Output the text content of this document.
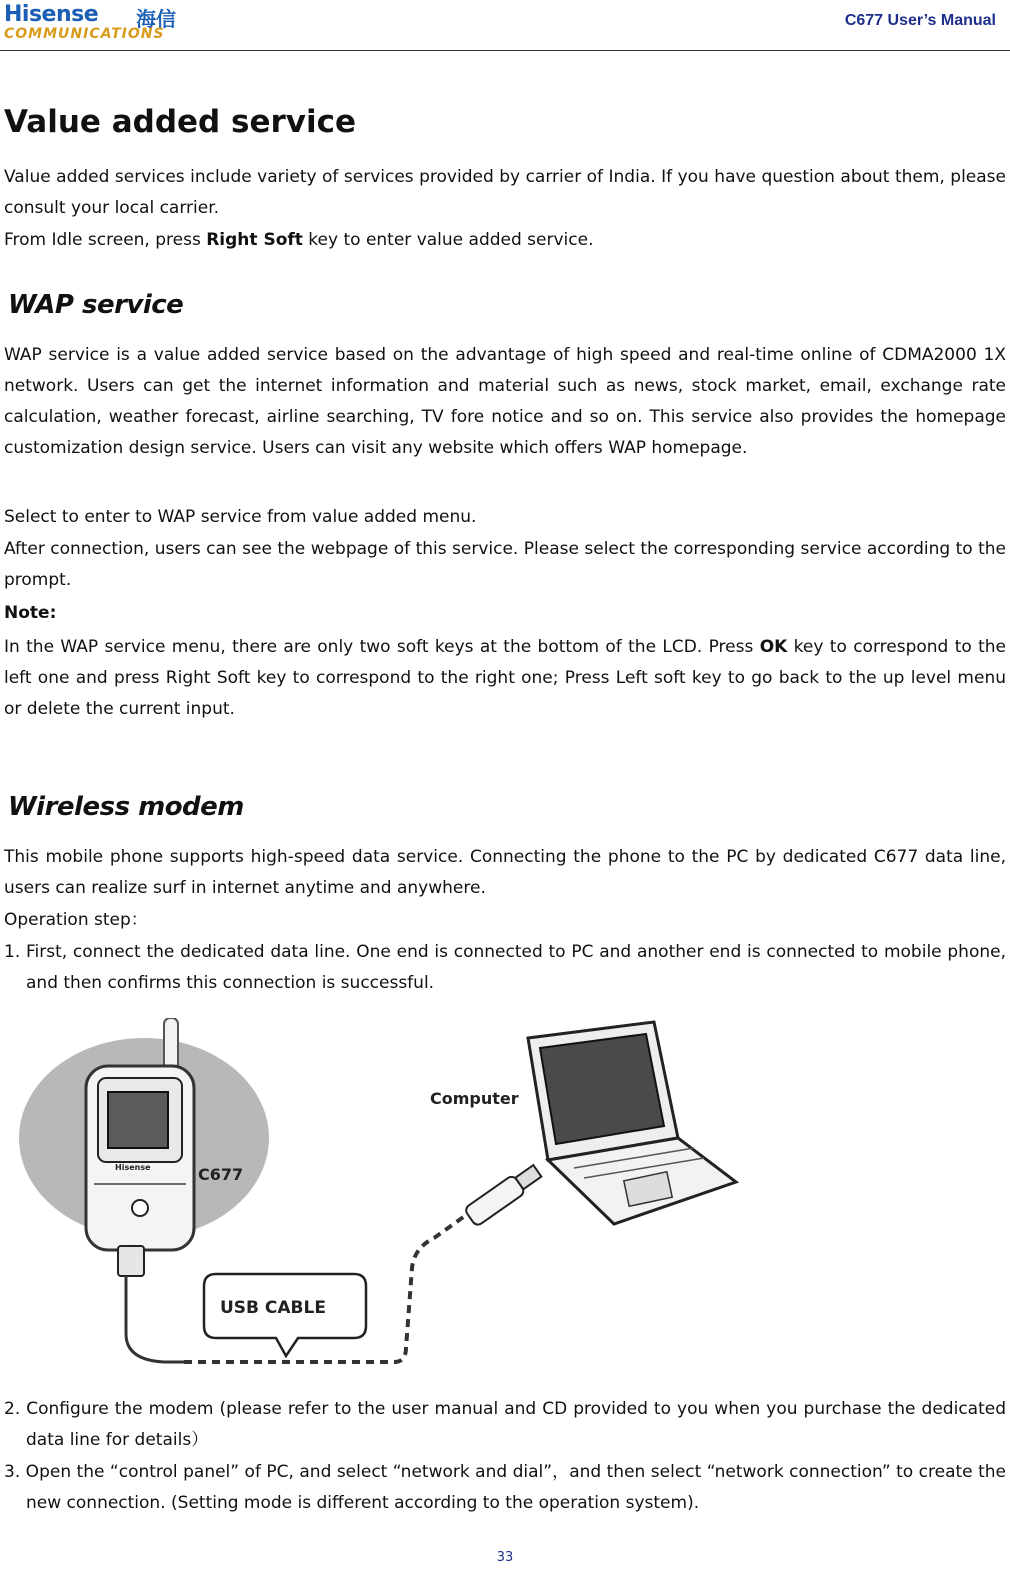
Hisense 海信
COMMUNICATIONS
C677 User’s Manual
Value added service

Value added services include variety of services provided by carrier of India. If you have question about them, please consult your local carrier.

From Idle screen, press Right Soft key to enter value added service.

WAP service

WAP service is a value added service based on the advantage of high speed and real-time online of CDMA2000 1X network. Users can get the internet information and material such as news, stock market, email, exchange rate calculation, weather forecast, airline searching, TV fore notice and so on. This service also provides the homepage customization design service. Users can visit any website which offers WAP homepage.

Select to enter to WAP service from value added menu.

After connection, users can see the webpage of this service. Please select the corresponding service according to the prompt.

Note:

In the WAP service menu, there are only two soft keys at the bottom of the LCD. Press OK key to correspond to the left one and press Right Soft key to correspond to the right one; Press Left soft key to go back to the up level menu or delete the current input.

Wireless modem

This mobile phone supports high-speed data service. Connecting the phone to the PC by dedicated C677 data line, users can realize surf in internet anytime and anywhere.

Operation step：

1. First, connect the dedicated data line. One end is connected to PC and another end is connected to mobile phone, and then confirms this connection is successful.

Hisense	C677
Computer
USB CABLE

2. Configure the modem (please refer to the user manual and CD provided to you when you purchase the dedicated data line for details）

3. Open the “control panel” of PC, and select “network and dial”，and then select “network connection” to create the new connection. (Setting mode is different according to the operation system).

33
